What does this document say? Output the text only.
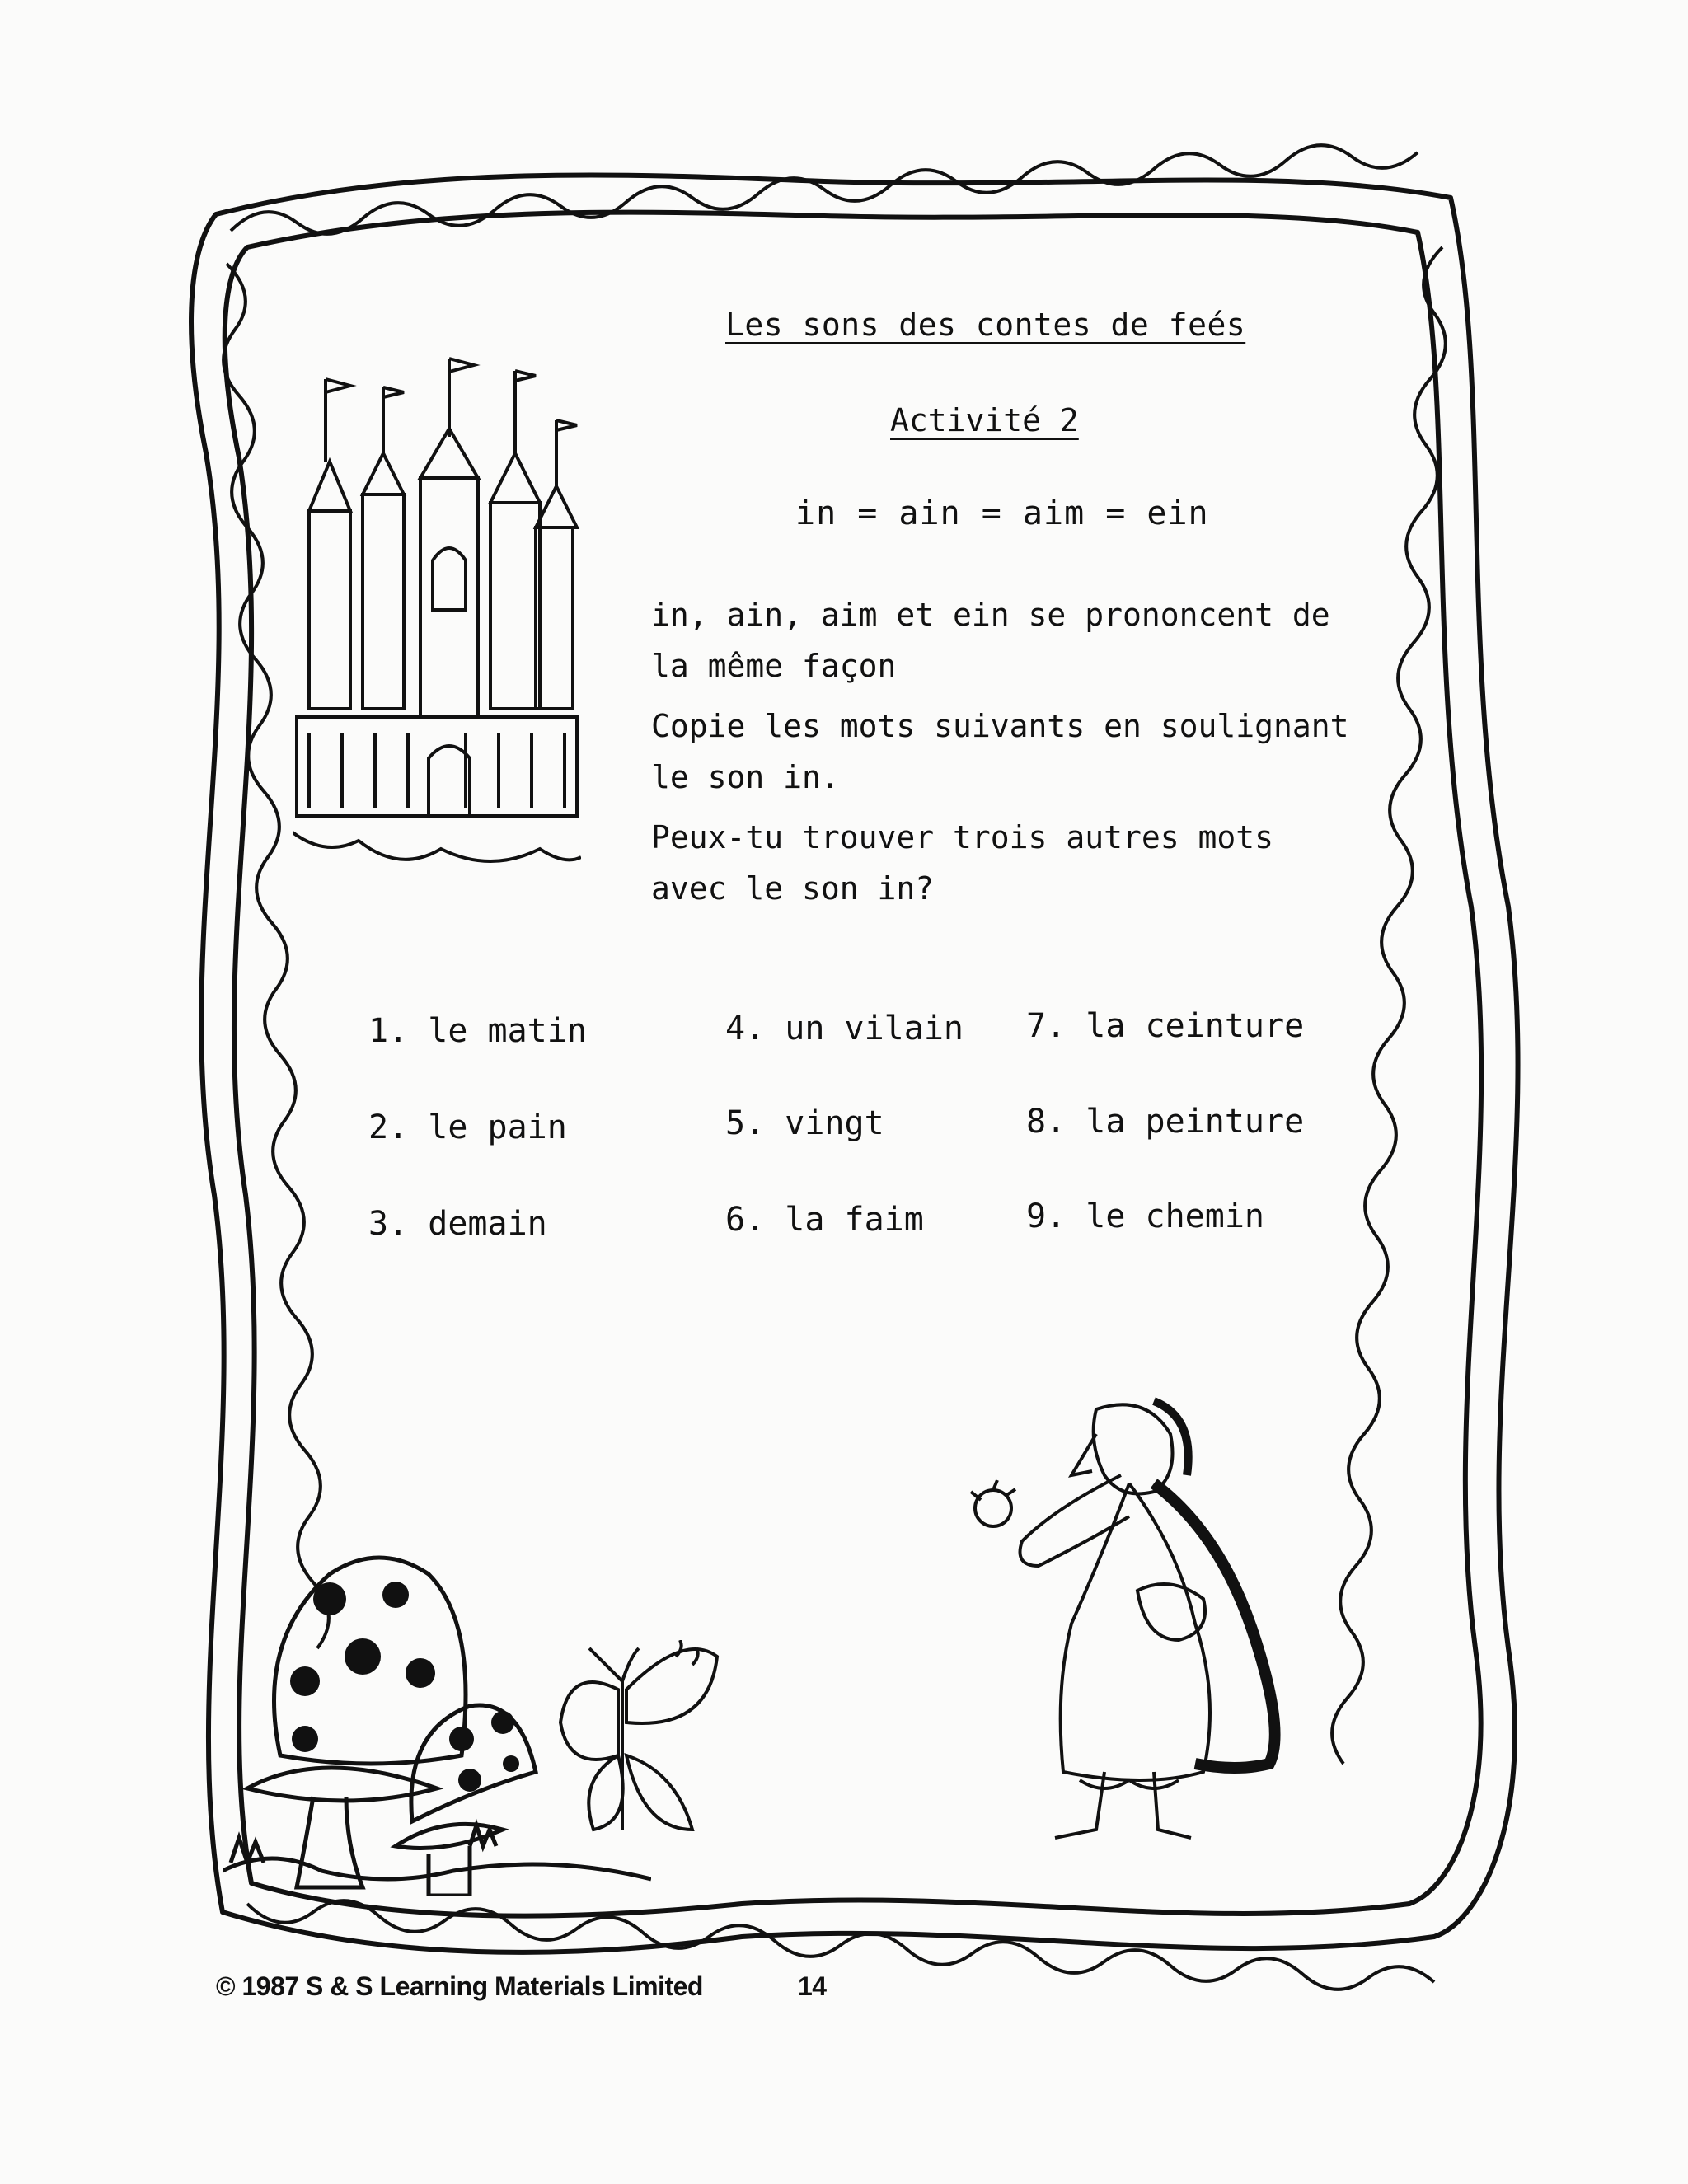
Les sons des contes de feés
Activité 2
in = ain = aim = ein
in, ain, aim et ein se prononcent de
la même façon
Copie les mots suivants en soulignant
le son in.
Peux-tu trouver trois autres mots
avec le son in?
1. le matin
2. le pain
3. demain
4. un vilain
5. vingt
6. la faim
7. la ceinture
8. la peinture
9. le chemin
© 1987 S & S Learning Materials Limited	14
